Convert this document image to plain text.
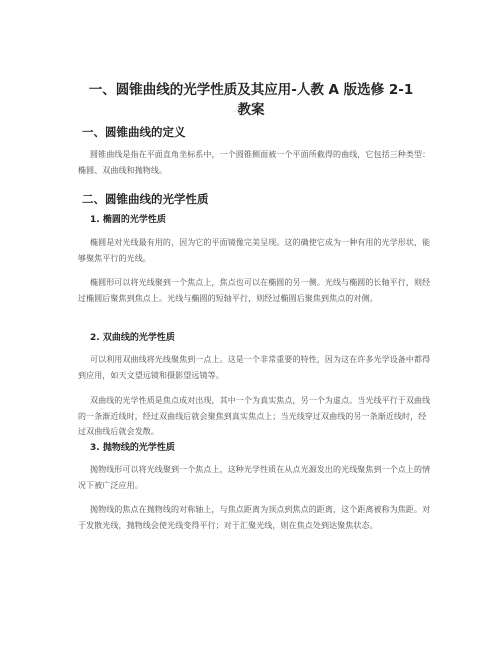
一、圆锥曲线的光学性质及其应用-人教 A 版选修 2-1
教案
一、圆锥曲线的定义

圆锥曲线是指在平面直角坐标系中，一个圆锥侧面被一个平面所截得的曲线，它包括三种类型：椭圆、双曲线和抛物线。

二、圆锥曲线的光学性质
1. 椭圆的光学性质

椭圆是对光线最有用的，因为它的平面镜像完美呈现。这的确使它成为一种有用的光学形状，能够聚焦平行的光线。

椭圆形可以将光线聚到一个焦点上，焦点也可以在椭圆的另一侧。光线与椭圆的长轴平行，则经过椭圆后聚焦到焦点上。光线与椭圆的短轴平行，则经过椭圆后聚焦到焦点的对侧。

2. 双曲线的光学性质

可以利用双曲线将光线聚焦到一点上。这是一个非常重要的特性，因为这在许多光学设备中都得到应用，如天文望远镜和摄影望远镜等。

双曲线的光学性质是焦点成对出现，其中一个为真实焦点，另一个为虚点。当光线平行于双曲线的一条渐近线时，经过双曲线后就会聚焦到真实焦点上；当光线穿过双曲线的另一条渐近线时，经过双曲线后就会发散。

3. 抛物线的光学性质

抛物线形可以将光线聚到一个焦点上，这种光学性质在从点光源发出的光线聚焦到一个点上的情况下被广泛应用。

抛物线的焦点在抛物线的对称轴上，与焦点距离为顶点到焦点的距离，这个距离被称为焦距。对于发散光线，抛物线会使光线变得平行；对于汇聚光线，则在焦点处到达聚焦状态。
